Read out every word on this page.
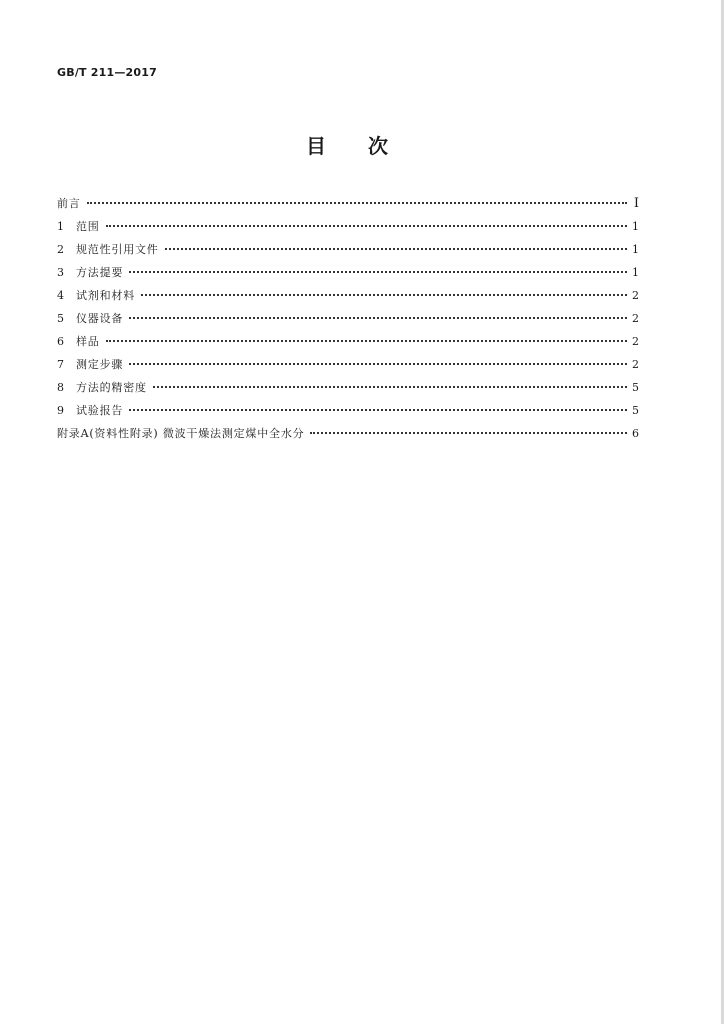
GB/T 211—2017
目次
前言	I
1	范围	1
2	规范性引用文件	1
3	方法提要	1
4	试剂和材料	2
5	仪器设备	2
6	样品	2
7	测定步骤	2
8	方法的精密度	5
9	试验报告	5
附录A(资料性附录) 微波干燥法测定煤中全水分	6
